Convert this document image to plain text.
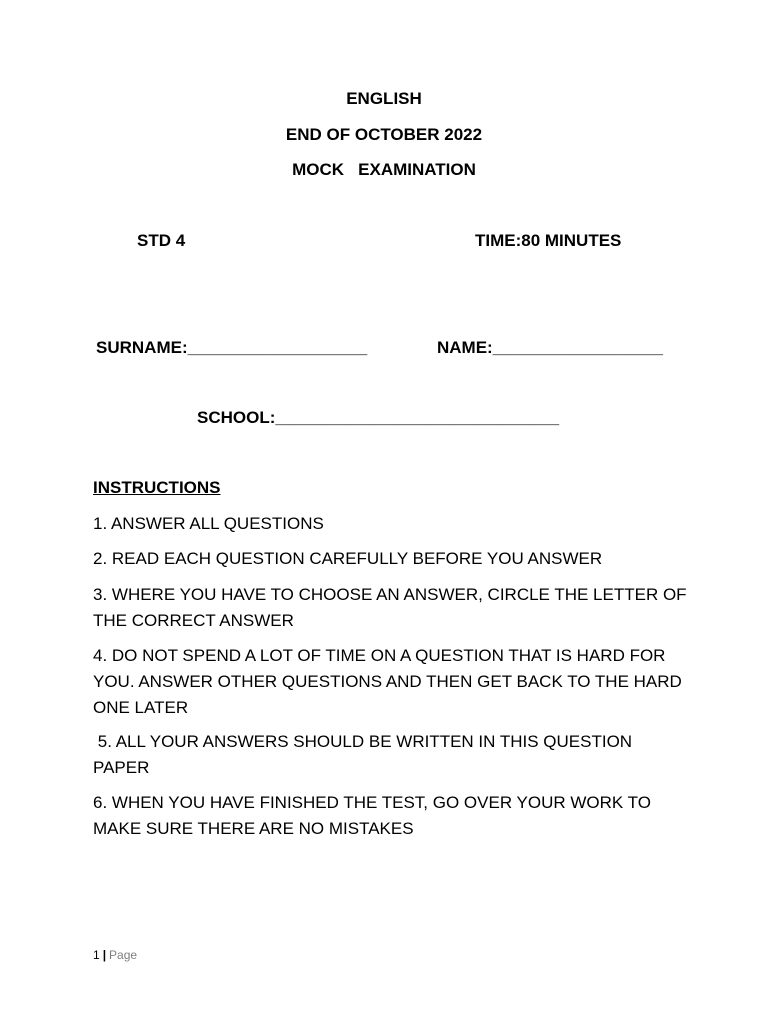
ENGLISH
END OF OCTOBER 2022
MOCK   EXAMINATION
STD 4	TIME:80 MINUTES
SURNAME:___________________	NAME:__________________
SCHOOL:______________________________
INSTRUCTIONS
1. ANSWER ALL QUESTIONS
2. READ EACH QUESTION CAREFULLY BEFORE YOU ANSWER
3. WHERE YOU HAVE TO CHOOSE AN ANSWER, CIRCLE THE LETTER OF THE CORRECT ANSWER
4. DO NOT SPEND A LOT OF TIME ON A QUESTION THAT IS HARD FOR YOU. ANSWER OTHER QUESTIONS AND THEN GET BACK TO THE HARD ONE LATER
5. ALL YOUR ANSWERS SHOULD BE WRITTEN IN THIS QUESTION PAPER
6. WHEN YOU HAVE FINISHED THE TEST, GO OVER YOUR WORK TO MAKE SURE THERE ARE NO MISTAKES
1 | Page
